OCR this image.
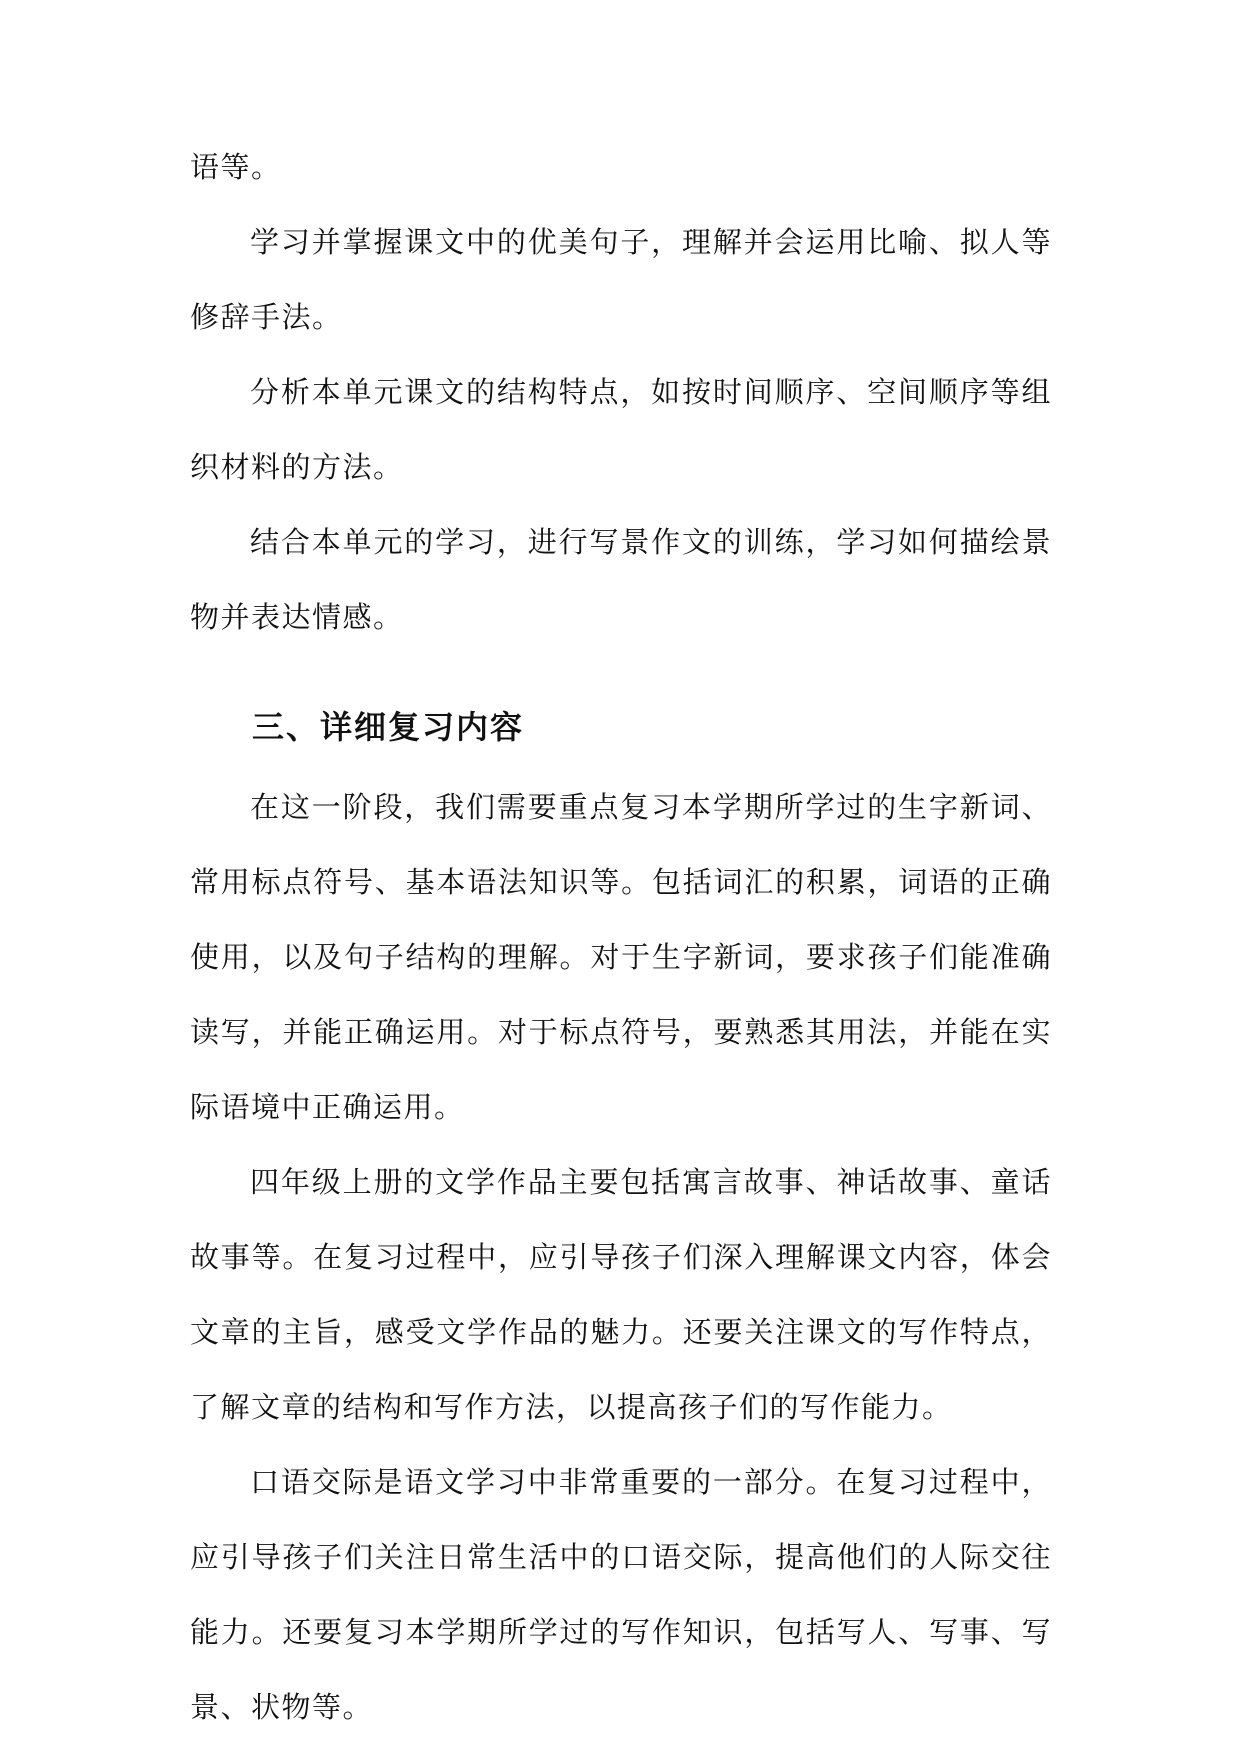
语等。

学习并掌握课文中的优美句子，理解并会运用比喻、拟人等修辞手法。

分析本单元课文的结构特点，如按时间顺序、空间顺序等组织材料的方法。

结合本单元的学习，进行写景作文的训练，学习如何描绘景物并表达情感。

三、详细复习内容

在这一阶段，我们需要重点复习本学期所学过的生字新词、常用标点符号、基本语法知识等。包括词汇的积累，词语的正确使用，以及句子结构的理解。对于生字新词，要求孩子们能准确读写，并能正确运用。对于标点符号，要熟悉其用法，并能在实际语境中正确运用。

四年级上册的文学作品主要包括寓言故事、神话故事、童话故事等。在复习过程中，应引导孩子们深入理解课文内容，体会文章的主旨，感受文学作品的魅力。还要关注课文的写作特点，了解文章的结构和写作方法，以提高孩子们的写作能力。

口语交际是语文学习中非常重要的一部分。在复习过程中，应引导孩子们关注日常生活中的口语交际，提高他们的人际交往能力。还要复习本学期所学过的写作知识，包括写人、写事、写景、状物等。
